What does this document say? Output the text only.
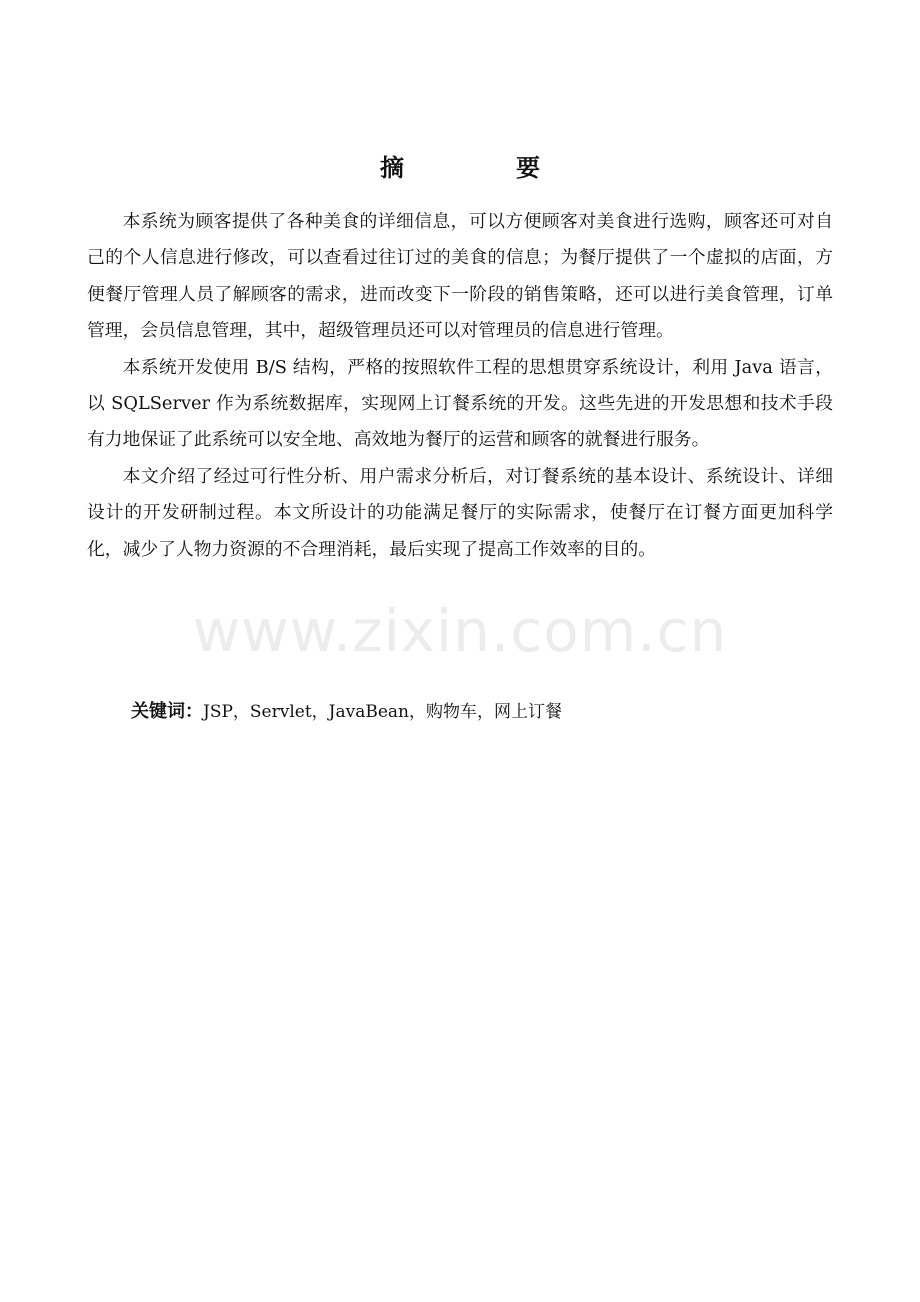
摘　要

本系统为顾客提供了各种美食的详细信息，可以方便顾客对美食进行选购，顾客还可对自己的个人信息进行修改，可以查看过往订过的美食的信息；为餐厅提供了一个虚拟的店面，方便餐厅管理人员了解顾客的需求，进而改变下一阶段的销售策略，还可以进行美食管理，订单管理，会员信息管理，其中，超级管理员还可以对管理员的信息进行管理。

本系统开发使用 B/S 结构，严格的按照软件工程的思想贯穿系统设计，利用 Java 语言，以 SQLServer 作为系统数据库，实现网上订餐系统的开发。这些先进的开发思想和技术手段有力地保证了此系统可以安全地、高效地为餐厅的运营和顾客的就餐进行服务。

本文介绍了经过可行性分析、用户需求分析后，对订餐系统的基本设计、系统设计、详细设计的开发研制过程。本文所设计的功能满足餐厅的实际需求，使餐厅在订餐方面更加科学化，减少了人物力资源的不合理消耗，最后实现了提高工作效率的目的。

www.zixin.com.cn
关键词：JSP，Servlet，JavaBean，购物车，网上订餐
